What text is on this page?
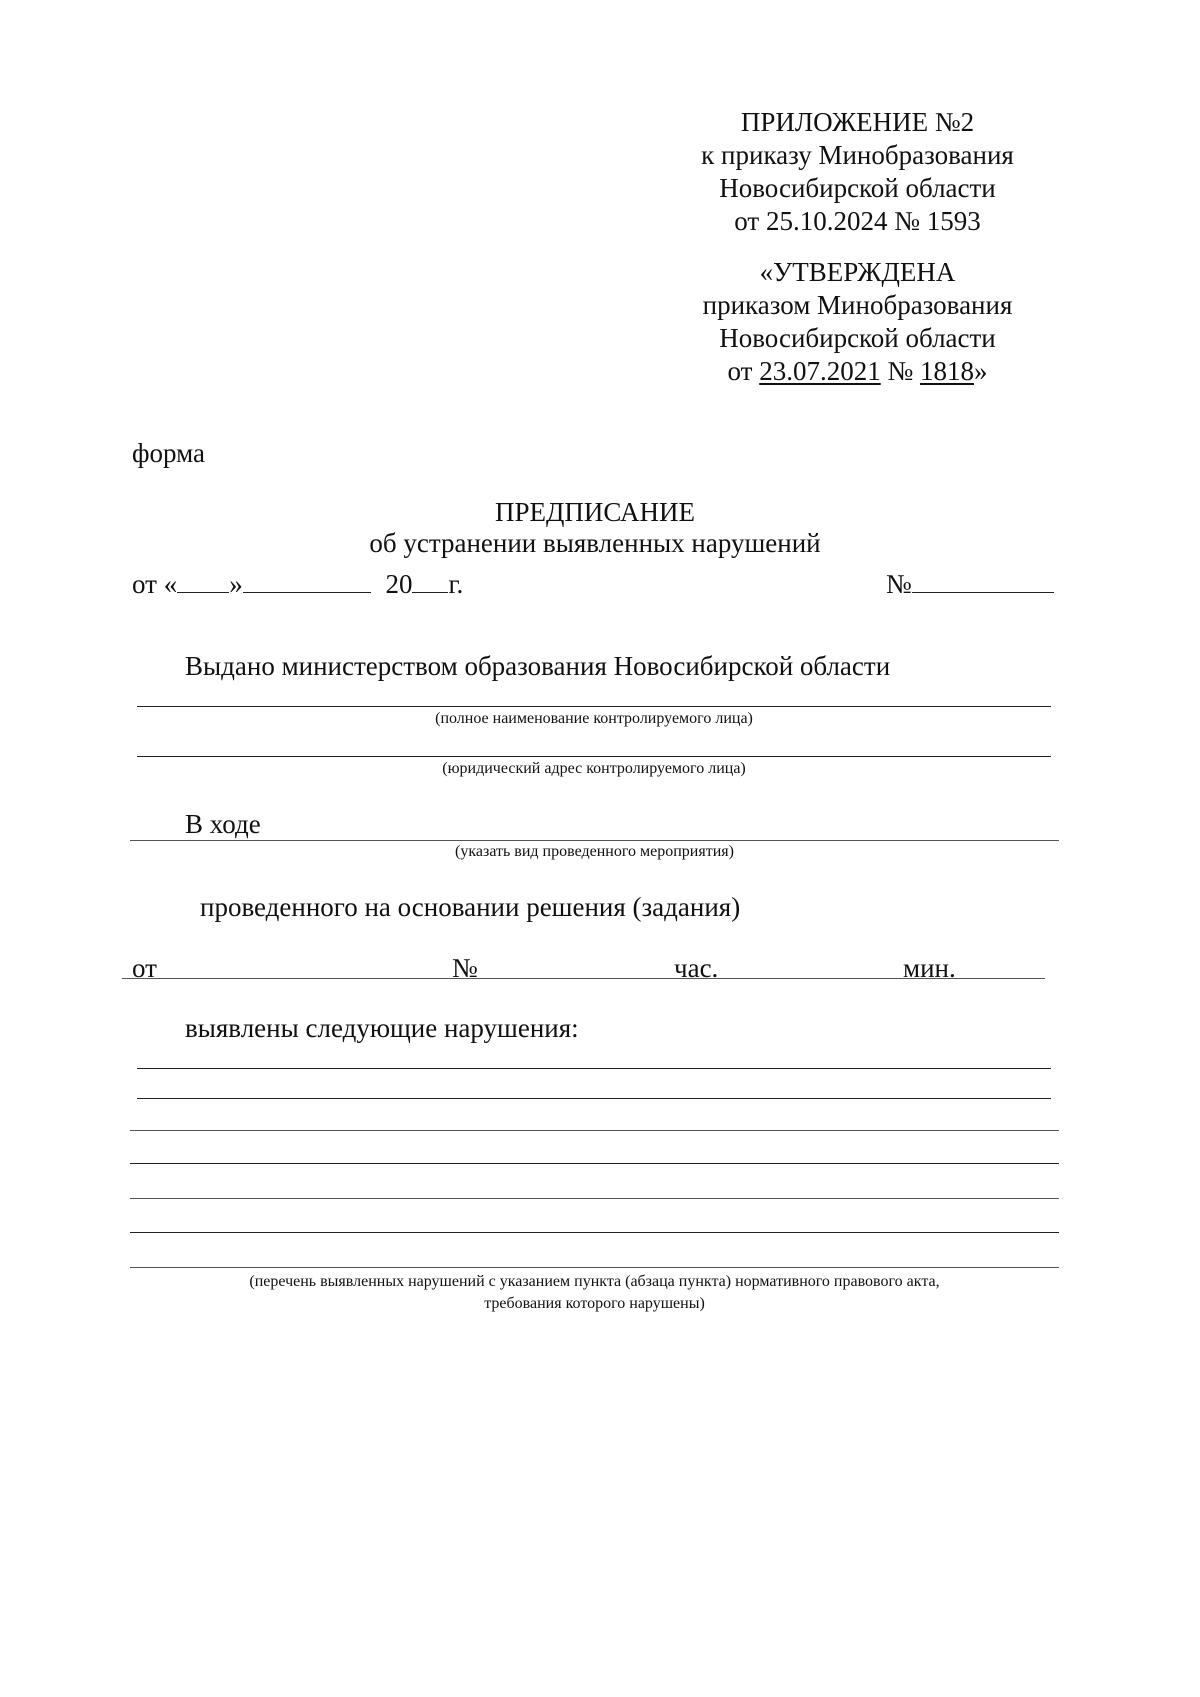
ПРИЛОЖЕНИЕ №2
к приказу Минобразования
Новосибирской области
от 25.10.2024 № 1593
«УТВЕРЖДЕНА
приказом Минобразования
Новосибирской области
от 23.07.2021 № 1818»
форма
ПРЕДПИСАНИЕ
об устранении выявленных нарушений
от « »	20 г.	№
Выдано министерством образования Новосибирской области
(полное наименование контролируемого лица)
(юридический адрес контролируемого лица)
В ходе
(указать вид проведенного мероприятия)
проведенного на основании решения (задания)
от	№	час.	мин.
выявлены следующие нарушения:
(перечень выявленных нарушений с указанием пункта (абзаца пункта) нормативного правового акта,
требования которого нарушены)
